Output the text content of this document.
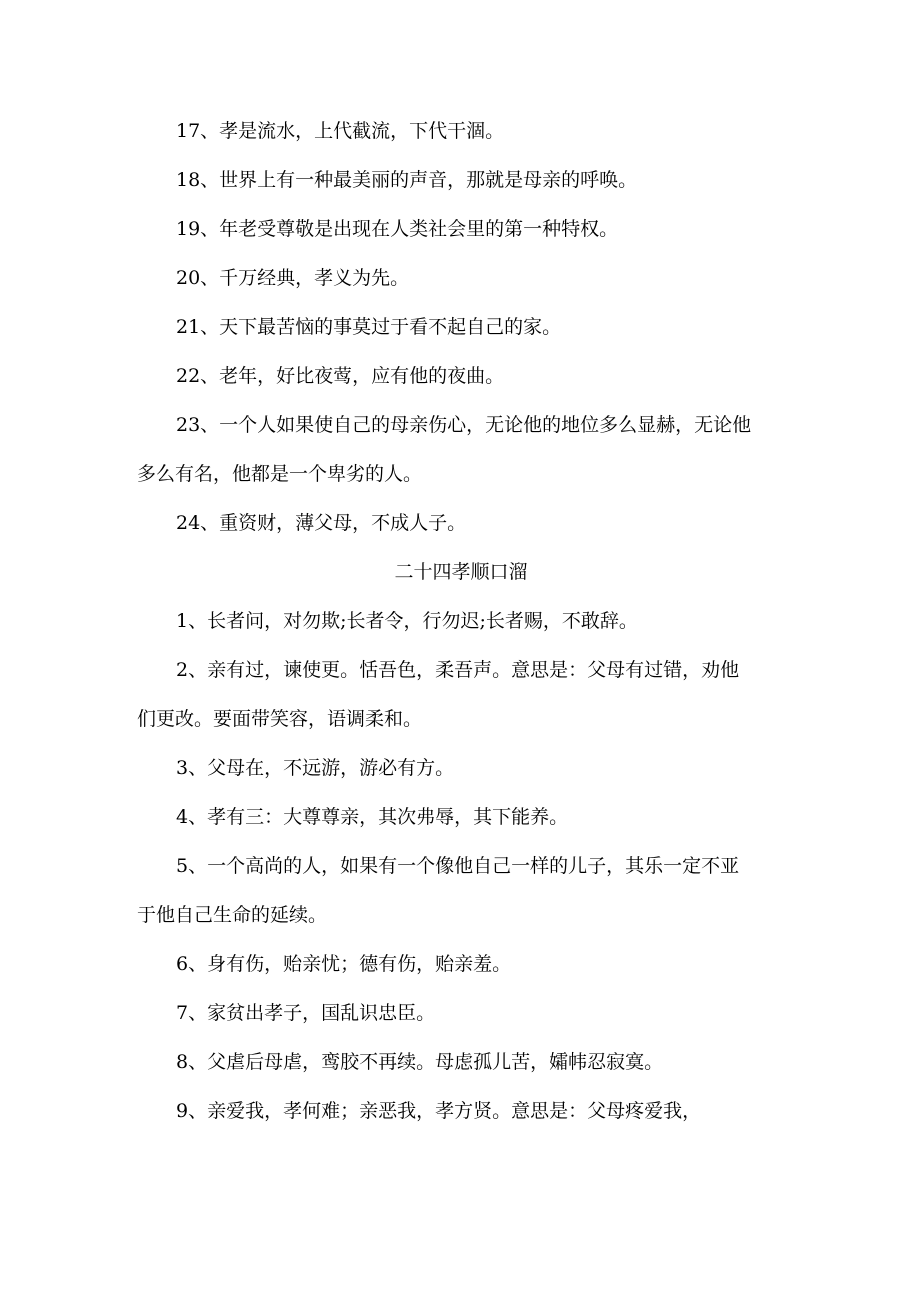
17、孝是流水，上代截流，下代干涸。

18、世界上有一种最美丽的声音，那就是母亲的呼唤。

19、年老受尊敬是出现在人类社会里的第一种特权。

20、千万经典，孝义为先。

21、天下最苦恼的事莫过于看不起自己的家。

22、老年，好比夜莺，应有他的夜曲。

23、一个人如果使自己的母亲伤心，无论他的地位多么显赫，无论他
多么有名，他都是一个卑劣的人。

24、重资财，薄父母，不成人子。

二十四孝顺口溜

1、长者问，对勿欺;长者令，行勿迟;长者赐，不敢辞。

2、亲有过，谏使更。恬吾色，柔吾声。意思是：父母有过错，劝他
们更改。要面带笑容，语调柔和。

3、父母在，不远游，游必有方。

4、孝有三：大尊尊亲，其次弗辱，其下能养。

5、一个高尚的人，如果有一个像他自己一样的儿子，其乐一定不亚
于他自己生命的延续。

6、身有伤，贻亲忧；德有伤，贻亲羞。

7、家贫出孝子，国乱识忠臣。

8、父虐后母虐，鸾胶不再续。母虑孤儿苦，孀帏忍寂寞。

9、亲爱我，孝何难；亲恶我，孝方贤。意思是：父母疼爱我，
